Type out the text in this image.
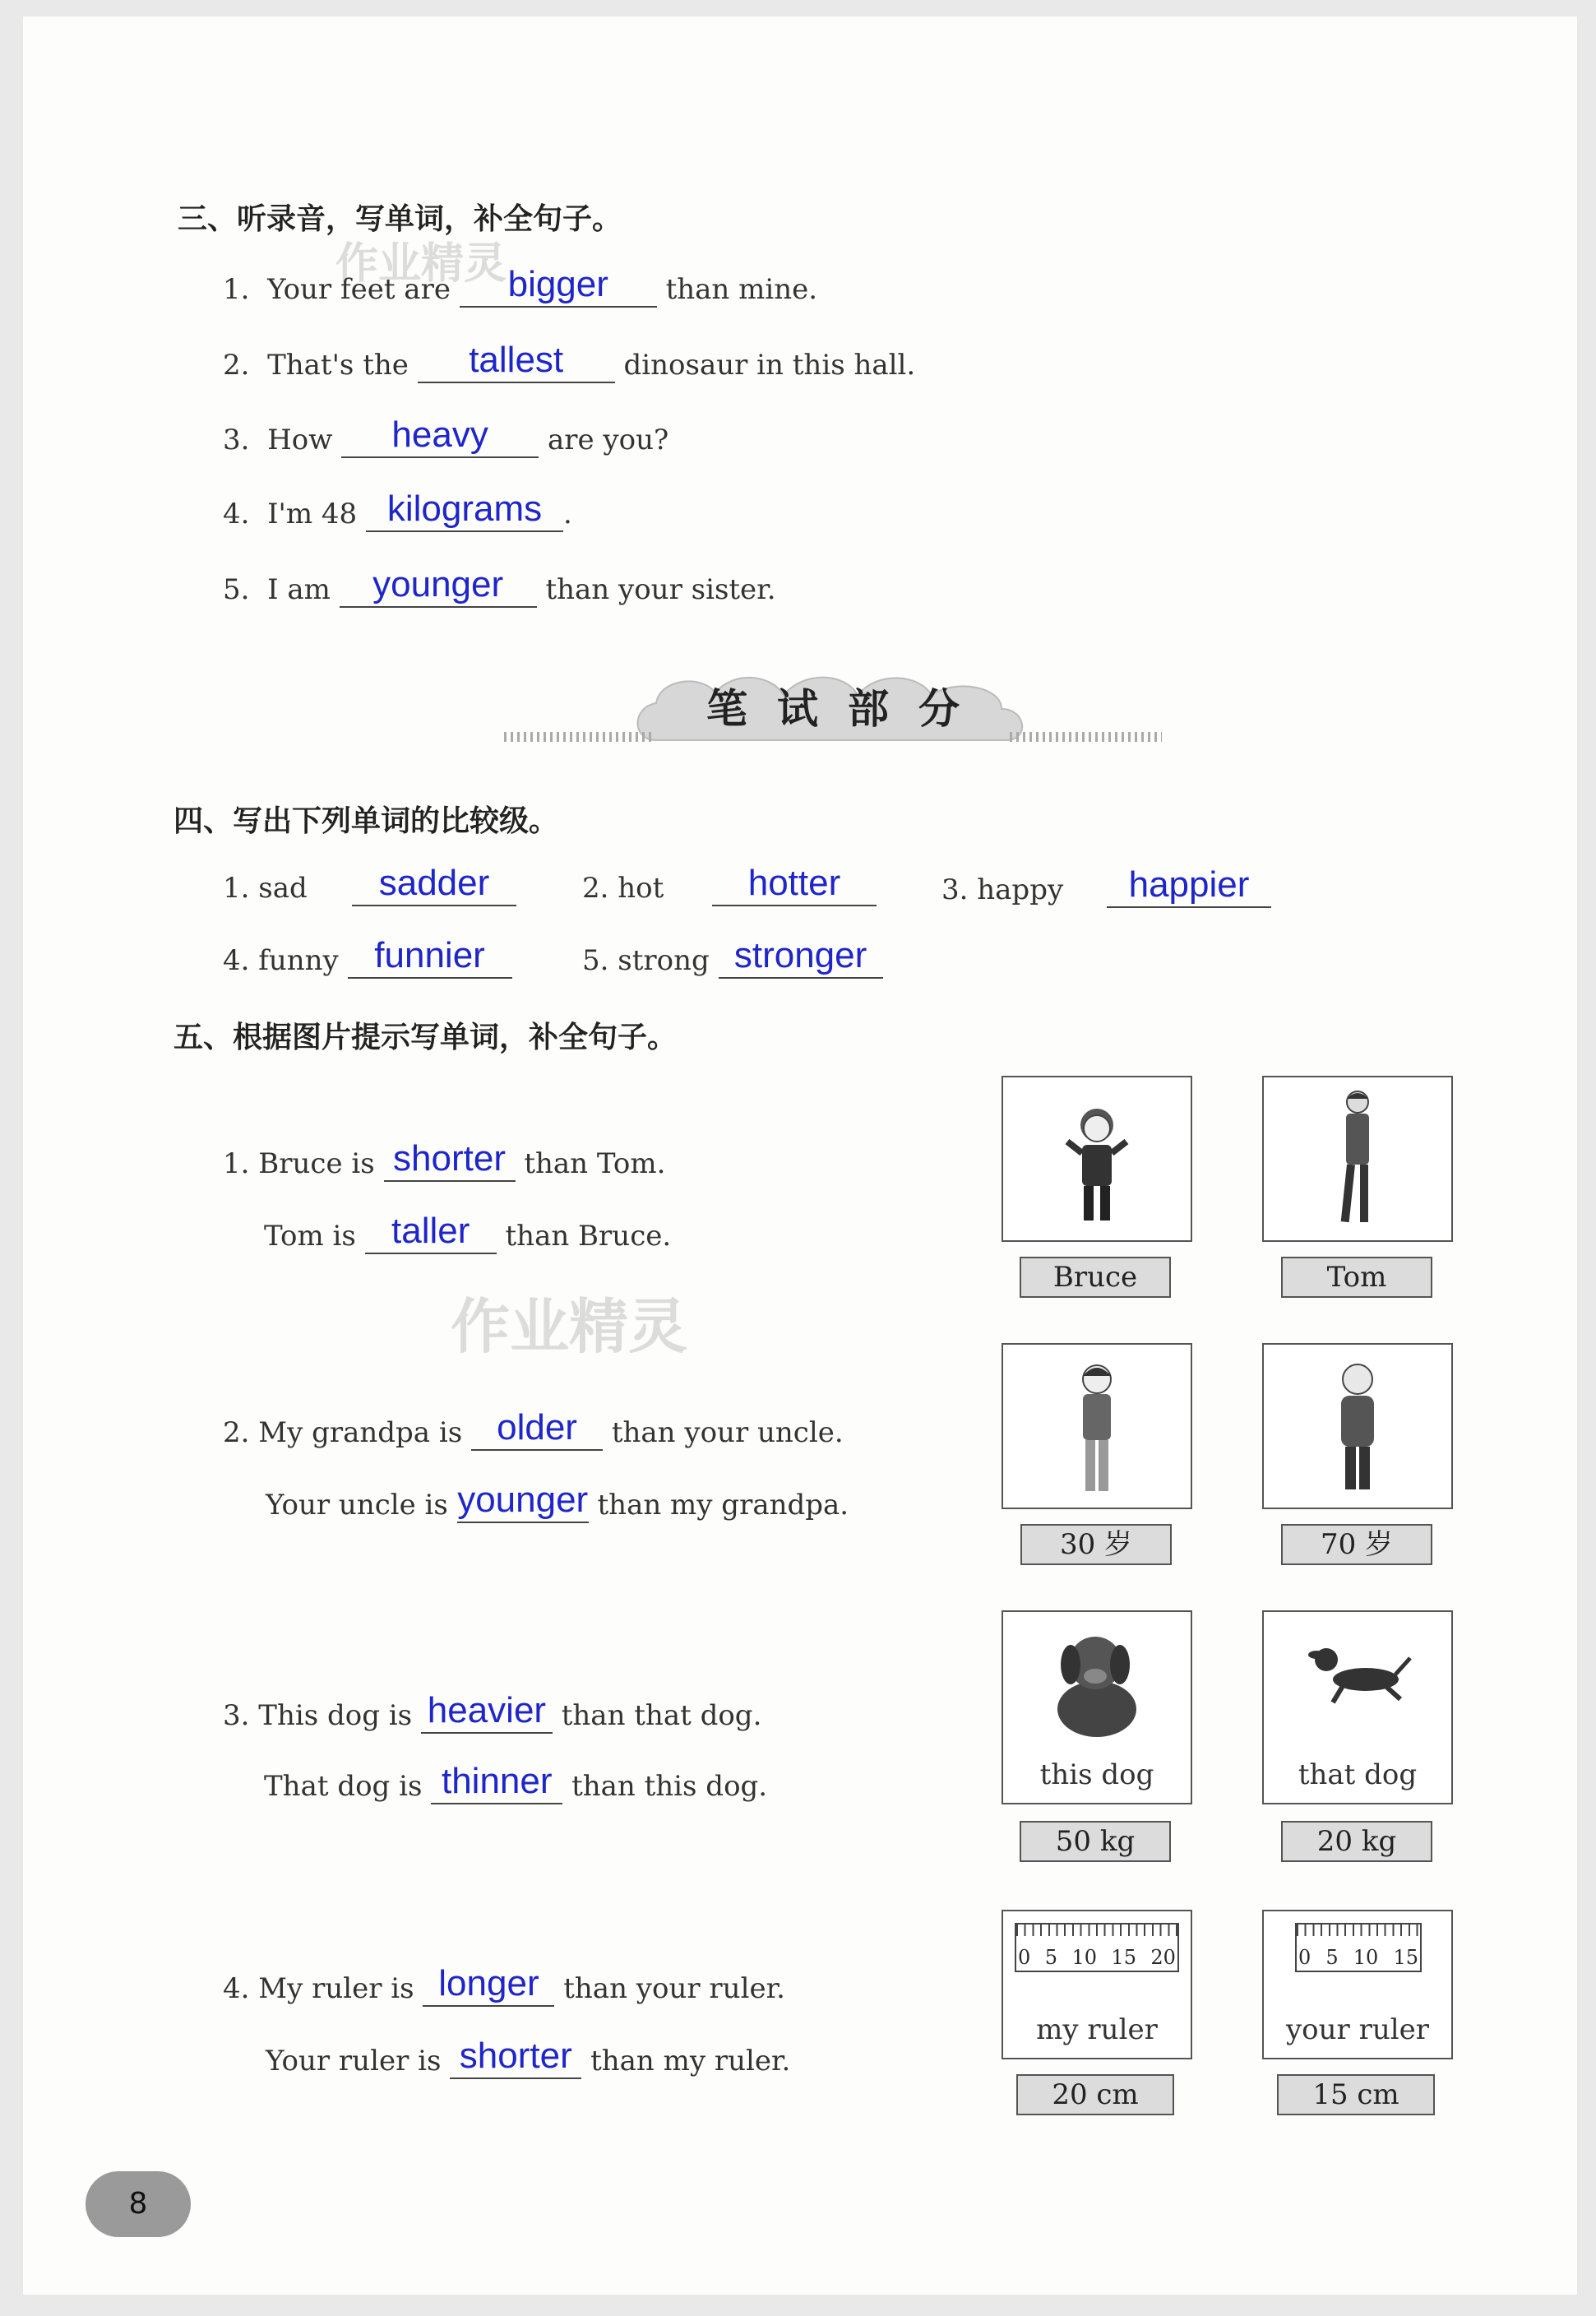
作业精灵
作业精灵
三、听录音，写单词，补全句子。
1. Your feet are	bigger	than mine.
2. That's the	tallest	dinosaur in this hall.
3. How	heavy	are you?
4. I'm 48 kilograms .
5. I am	younger	than your sister.
笔试部分
四、写出下列单词的比较级。
1. sad	sadder
	2. hot	hotter
	3. happy	happier

4. funny funnier
	5. strong stronger

五、根据图片提示写单词，补全句子。
1. Bruce is shorter than Tom.
Tom is taller	than Bruce.
Bruce	Tom
2. My grandpa is older	than your uncle.
Your uncle is younger than my grandpa.
30 岁	70 岁
3. This dog is heavier than that dog.
That dog is thinner than this dog.	this dog	that dog
50 kg	20 kg
4. My ruler is longer than your ruler.
Your ruler is shorter than my ruler.
0 5 10 15 20
my ruler
0 5 10 15
your ruler
20 cm	15 cm
8
